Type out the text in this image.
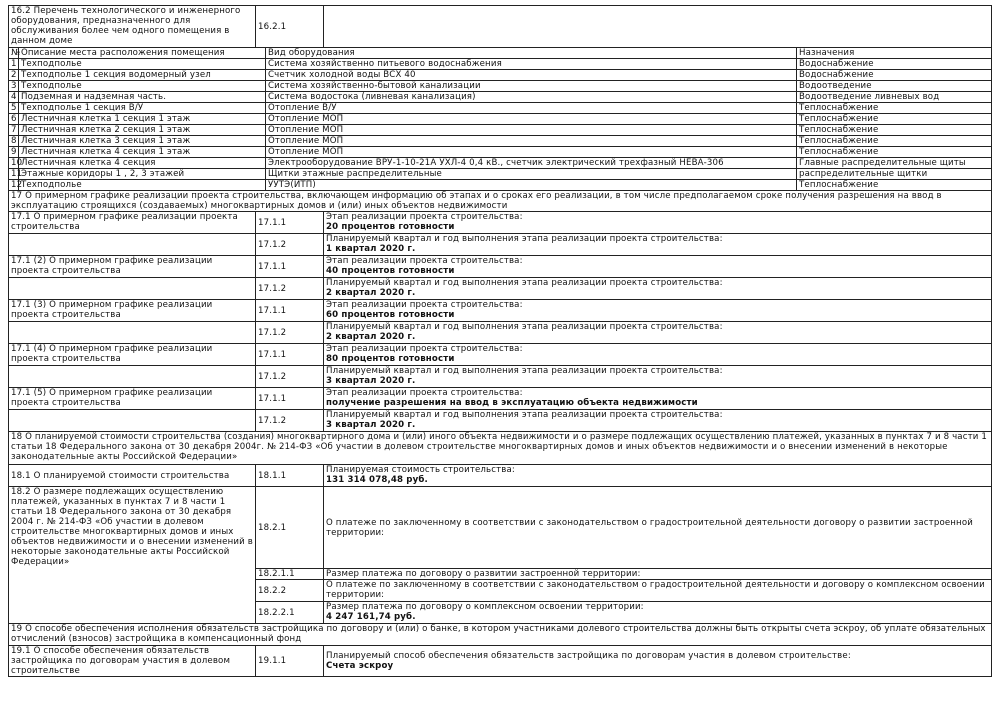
16.2 Перечень технологического и инженерного оборудования, предназначенного для обслуживания более чем одного помещения в данном доме	16.2.1	
№	Описание места расположения помещения	Вид оборудования	Назначения
1	Техподполье	Система хозяйственно питьевого водоснабжения	Водоснабжение
2	Техподполье 1 секция водомерный узел	Счетчик холодной воды ВСХ 40	Водоснабжение
3	Техподполье	Система хозяйственно-бытовой канализации	Водоотведение
4	Подземная и надземная часть.	Система водостока (ливневая канализация)	Водоотведение ливневых вод
5	Техподполье 1 секция В/У	Отопление В/У	Теплоснабжение
6	Лестничная клетка 1 секция 1 этаж	Отопление МОП	Теплоснабжение
7	Лестничная клетка 2 секция 1 этаж	Отопление МОП	Теплоснабжение
8	Лестничная клетка 3 секция 1 этаж	Отопление МОП	Теплоснабжение
9	Лестничная клетка 4 секция 1 этаж	Отопление МОП	Теплоснабжение
10	Лестничная клетка 4 секция	Электрооборудование ВРУ-1-10-21А УХЛ-4 0,4 кВ., счетчик электрический трехфазный НЕВА-306	Главные распределительные щиты
11	Этажные коридоры 1 , 2, 3 этажей	Щитки этажные распределительные	распределительные щитки
12	Техподполье	УУТЭ(ИТП)	Теплоснабжение
17 О примерном графике реализации проекта строительства, включающем информацию об этапах и о сроках его реализации, в том числе предполагаемом сроке получения разрешения на ввод в эксплуатацию строящихся (создаваемых) многоквартирных домов и (или) иных объектов недвижимости
17.1 О примерном графике реализации проекта строительства	17.1.1	Этап реализации проекта строительства:
20 процентов готовности

	17.1.2	Планируемый квартал и год выполнения этапа реализации проекта строительства:
1 квартал 2020 г.

17.1 (2) О примерном графике реализации проекта строительства	17.1.1	Этап реализации проекта строительства:
40 процентов готовности

	17.1.2	Планируемый квартал и год выполнения этапа реализации проекта строительства:
2 квартал 2020 г.

17.1 (3) О примерном графике реализации проекта строительства	17.1.1	Этап реализации проекта строительства:
60 процентов готовности

	17.1.2	Планируемый квартал и год выполнения этапа реализации проекта строительства:
2 квартал 2020 г.

17.1 (4) О примерном графике реализации проекта строительства	17.1.1	Этап реализации проекта строительства:
80 процентов готовности

	17.1.2	Планируемый квартал и год выполнения этапа реализации проекта строительства:
3 квартал 2020 г.

17.1 (5) О примерном графике реализации проекта строительства	17.1.1	Этап реализации проекта строительства:
получение разрешения на ввод в эксплуатацию объекта недвижимости

	17.1.2	Планируемый квартал и год выполнения этапа реализации проекта строительства:
3 квартал 2020 г.

18 О планируемой стоимости строительства (создания) многоквартирного дома и (или) иного объекта недвижимости и о размере подлежащих осуществлению платежей, указанных в пунктах 7 и 8 части 1 статьи 18 Федерального закона от 30 декабря 2004г. № 214-ФЗ «Об участии в долевом строительстве многоквартирных домов и иных объектов недвижимости и о внесении изменений в некоторые законодательные акты Российской Федерации»		
18.1 О планируемой стоимости строительства	18.1.1	Планируемая стоимость строительства:
131 314 078,48 руб.

18.2 О размере подлежащих осуществлению платежей, указанных в пунктах 7 и 8 части 1 статьи 18 Федерального закона от 30 декабря 2004 г. № 214-ФЗ «Об участии в долевом строительстве многоквартирных домов и иных объектов недвижимости и о внесении изменений в некоторые законодательные акты Российской Федерации»	18.2.1	О платеже по заключенному в соответствии с законодательством о градостроительной деятельности договору о развитии застроенной территории:
	18.2.1.1	Размер платежа по договору о развитии застроенной территории:
	18.2.2	О платеже по заключенному в соответствии с законодательством о градостроительной деятельности и договору о комплексном освоении территории:
	18.2.2.1	Размер платежа по договору о комплексном освоении территории:
4 247 161,74 руб.

19 О способе обеспечения исполнения обязательств застройщика по договору и (или) о банке, в котором участниками долевого строительства должны быть открыты счета эскроу, об уплате обязательных отчислений (взносов) застройщика в компенсационный фонд		
19.1 О способе обеспечения обязательств застройщика по договорам участия в долевом строительстве	19.1.1	Планируемый способ обеспечения обязательств застройщика по договорам участия в долевом строительстве:
Счета эскроу
